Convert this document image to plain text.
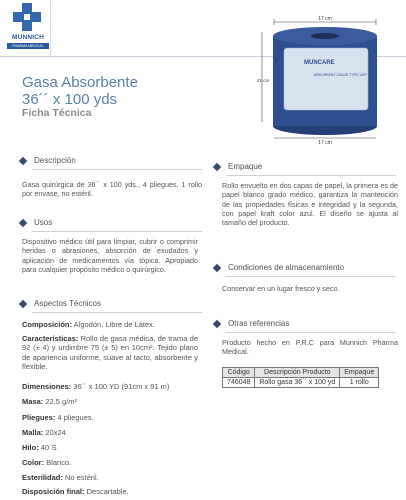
MUNNICH
PHARMA MEDICAL
Gasa Absorbente
36´´ x 100 yds
Ficha Técnica
17 cm
21 cm
MUNCARE
ABSORBENT GAUZE TYPE USP
17 cm
Descripción
Gasa quirúrgica de 36´´ x 100 yds., 4 pliegues, 1 rollo por envase, no estéril.
Usos
Dispositivo médico útil para limpiar, cubrir o comprimir heridas o abrasiones, absorción de exudados y aplicación de medicamentos vía tópica. Apropiado para cualquier propósito médico o quirúrgico.
Aspectos Técnicos
Composición: Algodón. Libre de Látex.
Características: Rollo de gasa médica, de trama de 92 (± 4) y urdimbre 75 (± 5) en 10cm². Tejido plano de apariencia uniforme, suave al tacto, absorbente y flexible.
Dimensiones: 36´´ x 100 YD (91cm x 91 m)
Masa: 22,5 g/m²
Pliegues: 4 pliegues.
Malla: 20x24
Hilo: 40´S
Color: Blanco.
Esterilidad: No estéril.
Disposición final: Descartable.
Empaque
Rollo envuelto en dos capas de papel, la primera es de papel blanco grado médico, garantiza la mantención de las propiedades físicas e integridad y la segunda, con papel kraft color azul. El diseño se ajusta al tamaño del producto.
Condiciones de almacenamiento
Conservar en un lugar fresco y seco.
Otras referencias
Producto hecho en P.R.C para Munnich Pharma Medical.
Código	Descripción Producto	Empaque
746048	Rollo gasa 36´´ x 100 yd	1 rollo
